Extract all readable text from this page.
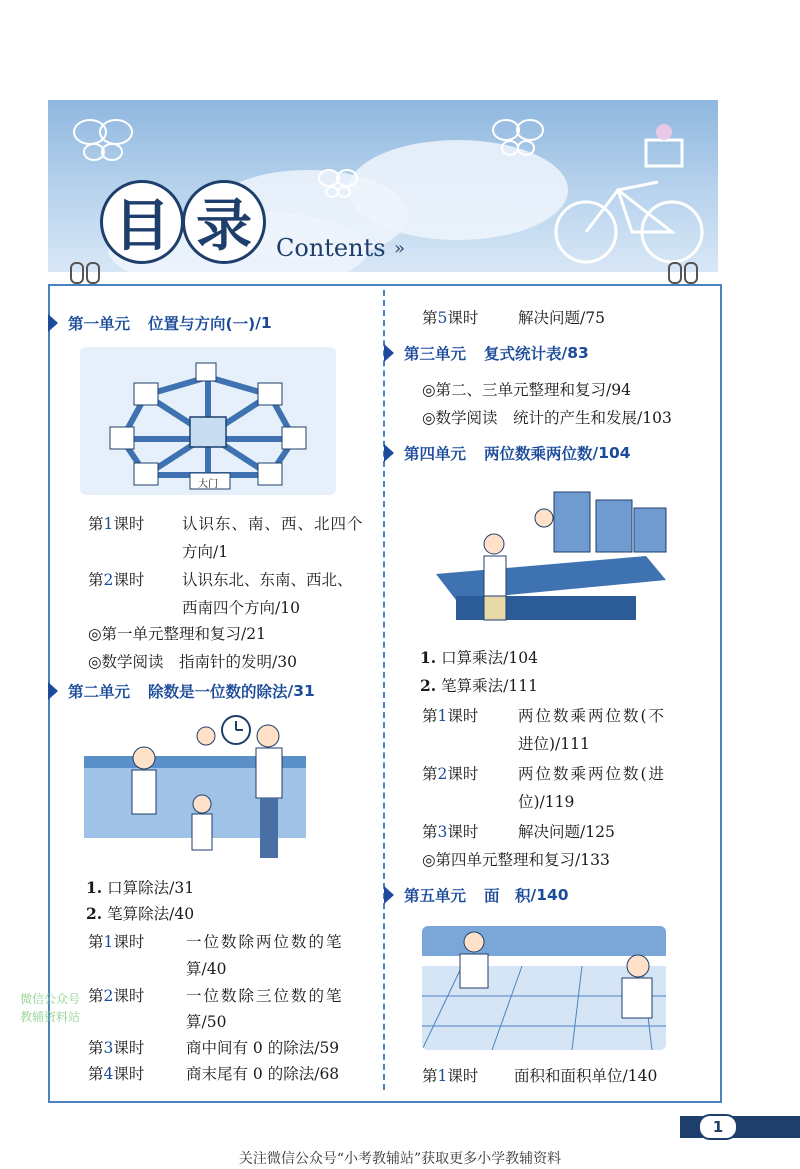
目 录	Contents »
第一单元 位置与方向(一) /1
大门
第1课时 认识东、南、西、北四个
方向/1
第2课时 认识东北、东南、西北、
西南四个方向/10
◎第一单元整理和复习/21
◎数学阅读　指南针的发明/30
第二单元 除数是一位数的除法 /31
1. 口算除法/31
2. 笔算除法/40
第1课时	一位数除两位数的笔
算/40
第2课时	一位数除三位数的笔
算/50
第3课时	商中间有 0 的除法/59
第4课时	商末尾有 0 的除法/68
微信公众号
教辅资料站
第5课时	解决问题/75
第三单元 复式统计表 /83
◎第二、三单元整理和复习/94
◎数学阅读　统计的产生和发展/103
第四单元 两位数乘两位数 /104
1. 口算乘法/104
2. 笔算乘法/111
第1课时	两位数乘两位数(不
进位)/111
第2课时	两位数乘两位数(进
位)/119
第3课时	解决问题/125
◎第四单元整理和复习/133
第五单元 面　积 /140
第1课时 面积和面积单位/140
1
关注微信公众号“小考教辅站”获取更多小学教辅资料
